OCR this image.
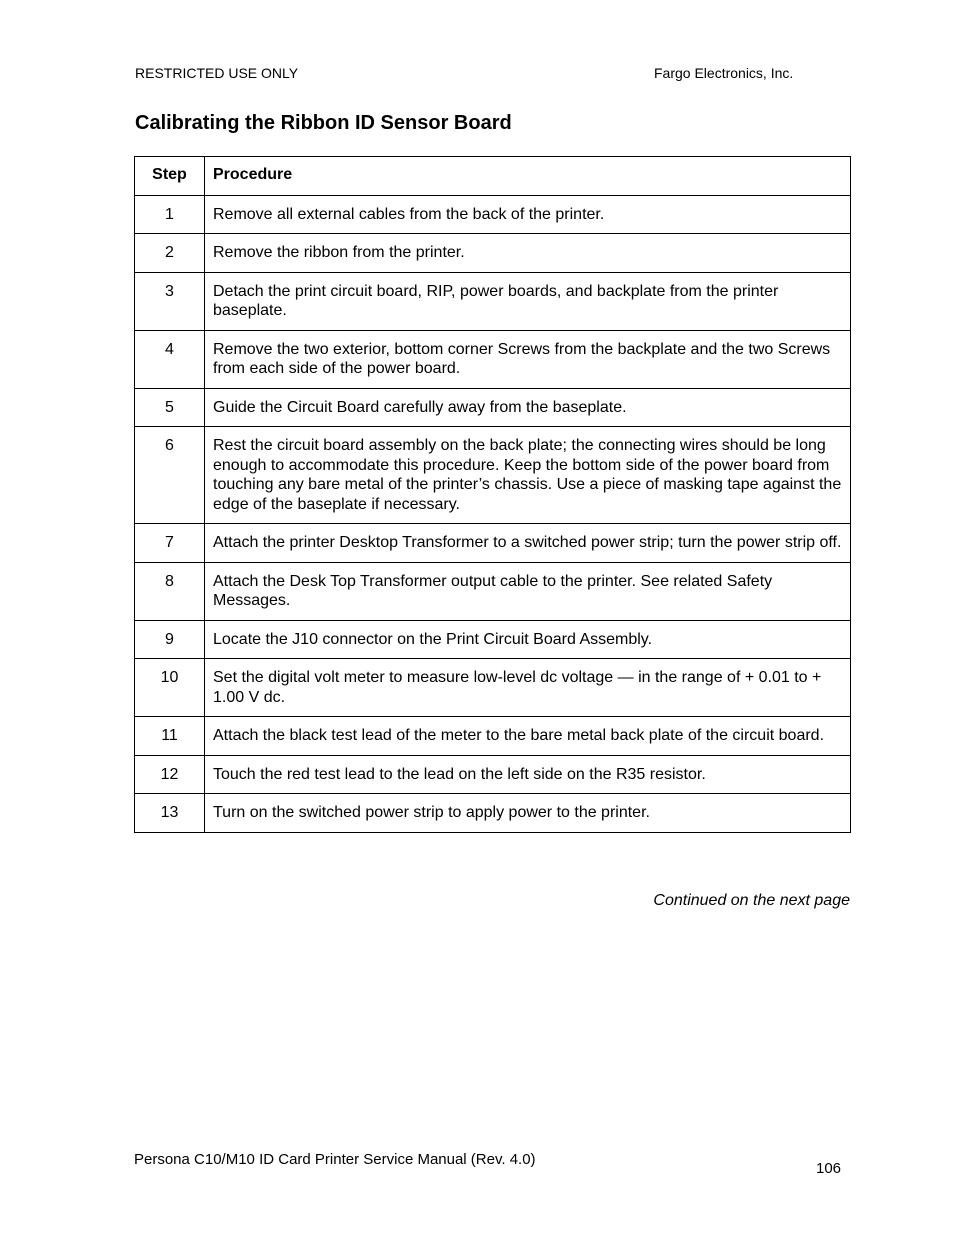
RESTRICTED USE ONLY	Fargo Electronics, Inc.
Calibrating the Ribbon ID Sensor Board
Step	Procedure
1	Remove all external cables from the back of the printer.
2	Remove the ribbon from the printer.
3	Detach the print circuit board, RIP, power boards, and backplate from the printer baseplate.
4	Remove the two exterior, bottom corner Screws from the backplate and the two Screws from each side of the power board.
5	Guide the Circuit Board carefully away from the baseplate.
6	Rest the circuit board assembly on the back plate; the connecting wires should be long enough to accommodate this procedure. Keep the bottom side of the power board from touching any bare metal of the printer’s chassis. Use a piece of masking tape against the edge of the baseplate if necessary.
7	Attach the printer Desktop Transformer to a switched power strip; turn the power strip off.
8	Attach the Desk Top Transformer output cable to the printer. See related Safety Messages.
9	Locate the J10 connector on the Print Circuit Board Assembly.
10	Set the digital volt meter to measure low-level dc voltage — in the range of + 0.01 to + 1.00 V dc.
11	Attach the black test lead of the meter to the bare metal back plate of the circuit board.
12	Touch the red test lead to the lead on the left side on the R35 resistor.
13	Turn on the switched power strip to apply power to the printer.
Continued on the next page
Persona C10/M10 ID Card Printer Service Manual (Rev. 4.0)
106
